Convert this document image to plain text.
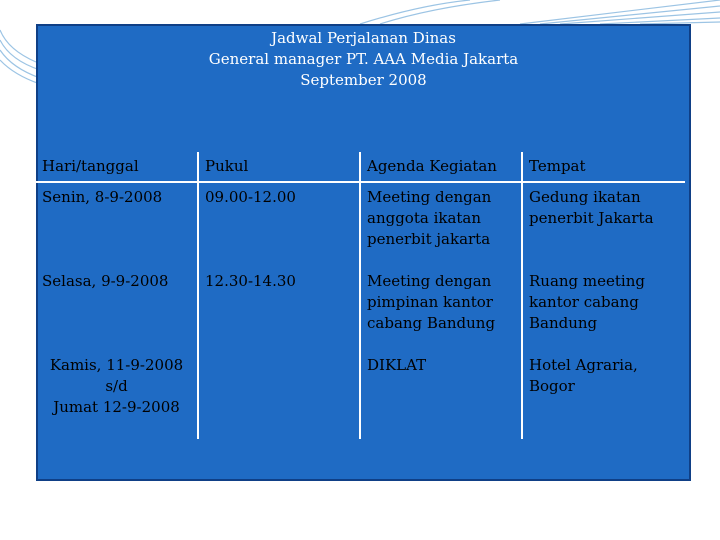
Jadwal Perjalanan Dinas
General manager PT. AAA Media Jakarta
September 2008
Hari/tanggal	Pukul	Agenda Kegiatan	Tempat
Senin, 8-9-2008	09.00-12.00	Meeting dengan anggota ikatan penerbit jakarta	Gedung ikatan penerbit Jakarta
Selasa, 9-9-2008	12.30-14.30	Meeting dengan pimpinan kantor cabang Bandung	Ruang meeting kantor cabang Bandung

Kamis, 11-9-2008
s/d
Jumat 12-9-2008		DIKLAT	Hotel Agraria, Bogor
